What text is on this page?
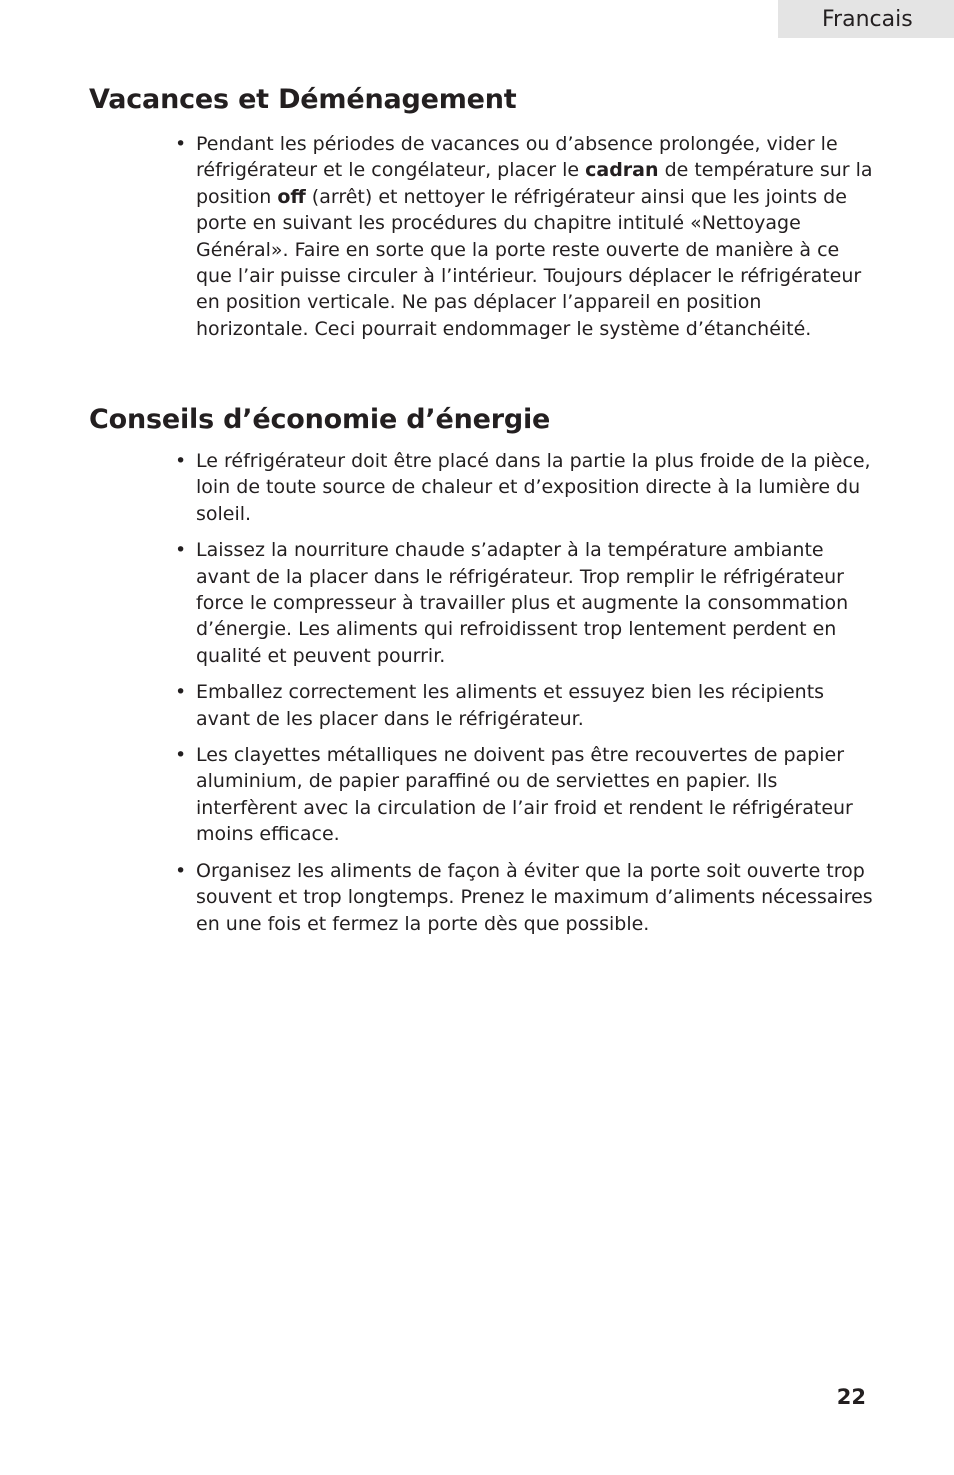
Francais
Vacances et Déménagement
• Pendant les périodes de vacances ou d’absence prolongée, vider le réfrigérateur et le congélateur, placer le cadran de température sur la position off (arrêt) et nettoyer le réfrigérateur ainsi que les joints de porte en suivant les procédures du chapitre intitulé «Nettoyage Général». Faire en sorte que la porte reste ouverte de manière à ce que l’air puisse circuler à l’intérieur. Toujours déplacer le réfrigérateur en position verticale. Ne pas déplacer l’appareil en position horizontale. Ceci pourrait endommager le système d’étanchéité.
Conseils d’économie d’énergie
• Le réfrigérateur doit être placé dans la partie la plus froide de la pièce, loin de toute source de chaleur et d’exposition directe à la lumière du soleil.
• Laissez la nourriture chaude s’adapter à la température ambiante avant de la placer dans le réfrigérateur. Trop remplir le réfrigérateur force le compresseur à travailler plus et augmente la consommation d’énergie. Les aliments qui refroidissent trop lentement perdent en qualité et peuvent pourrir.
• Emballez correctement les aliments et essuyez bien les récipients avant de les placer dans le réfrigérateur.
• Les clayettes métalliques ne doivent pas être recouvertes de papier aluminium, de papier paraffiné ou de serviettes en papier. Ils interfèrent avec la circulation de l’air froid et rendent le réfrigérateur moins efficace.
• Organisez les aliments de façon à éviter que la porte soit ouverte trop souvent et trop longtemps. Prenez le maximum d’aliments nécessaires en une fois et fermez la porte dès que possible.
22
